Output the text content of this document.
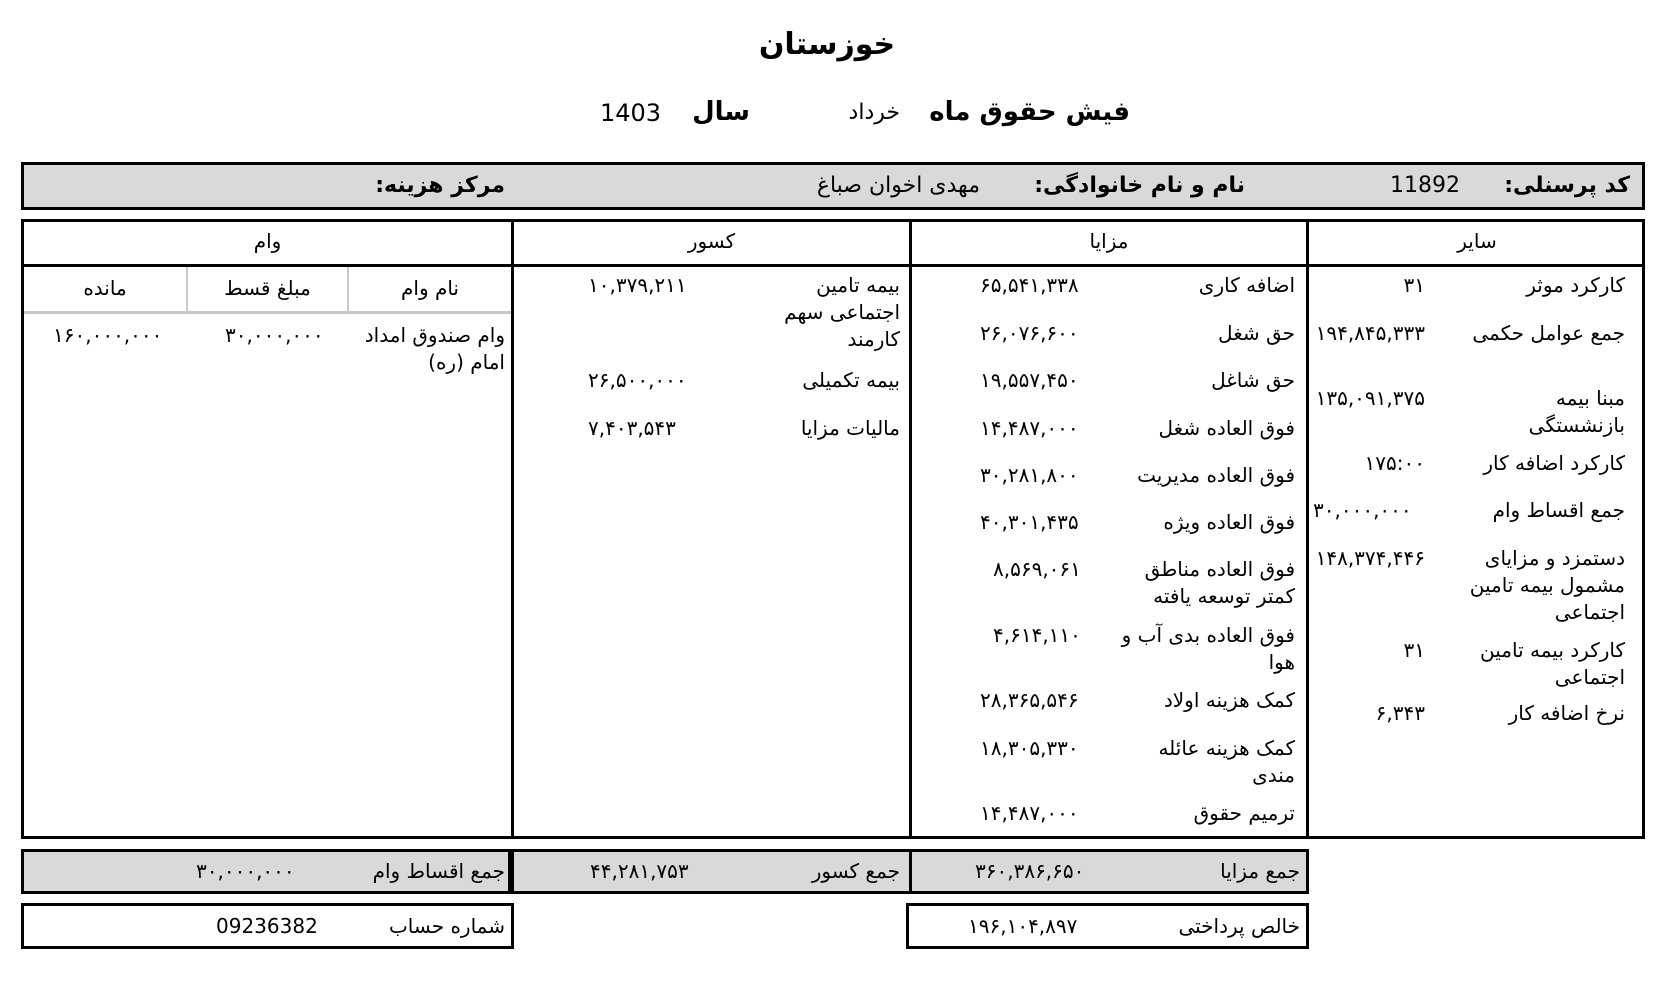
خوزستان
فیش حقوق ماه
خرداد
سال
1403
کد پرسنلی:
11892
نام و نام خانوادگی:
مهدی اخوان صباغ
مرکز هزینه:
سایر
مزایا
کسور
وام
مانده	مبلغ قسط	نام وام
وام صندوق امداد امام (ره)
۳۰,۰۰۰,۰۰۰
۱۶۰,۰۰۰,۰۰۰
کارکرد موثر
۳۱
جمع عوامل حکمی
۱۹۴,۸۴۵,۳۳۳
مبنا بیمه بازنشستگی
۱۳۵,۰۹۱,۳۷۵
کارکرد اضافه کار
۱۷۵:۰۰
جمع اقساط وام
۳۰,۰۰۰,۰۰۰
دستمزد و مزایای مشمول بیمه تامین اجتماعی
۱۴۸,۳۷۴,۴۴۶
کارکرد بیمه تامین اجتماعی
۳۱
نرخ اضافه کار
۶,۳۴۳
اضافه کاری
۶۵,۵۴۱,۳۳۸
حق شغل
۲۶,۰۷۶,۶۰۰
حق شاغل
۱۹,۵۵۷,۴۵۰
فوق العاده شغل
۱۴,۴۸۷,۰۰۰
فوق العاده مدیریت
۳۰,۲۸۱,۸۰۰
فوق العاده ویژه
۴۰,۳۰۱,۴۳۵
فوق العاده مناطق کمتر توسعه یافته
۸,۵۶۹,۰۶۱
فوق العاده بدی آب و هوا
۴,۶۱۴,۱۱۰
کمک هزینه اولاد
۲۸,۳۶۵,۵۴۶
کمک هزینه عائله مندی
۱۸,۳۰۵,۳۳۰
ترمیم حقوق
۱۴,۴۸۷,۰۰۰
بیمه تامین اجتماعی سهم کارمند
۱۰,۳۷۹,۲۱۱
بیمه تکمیلی
۲۶,۵۰۰,۰۰۰
مالیات مزایا
۷,۴۰۳,۵۴۳
جمع مزایا
۳۶۰,۳۸۶,۶۵۰
جمع کسور
۴۴,۲۸۱,۷۵۳
جمع اقساط وام
۳۰,۰۰۰,۰۰۰
خالص پرداختی
۱۹۶,۱۰۴,۸۹۷
شماره حساب
09236382
